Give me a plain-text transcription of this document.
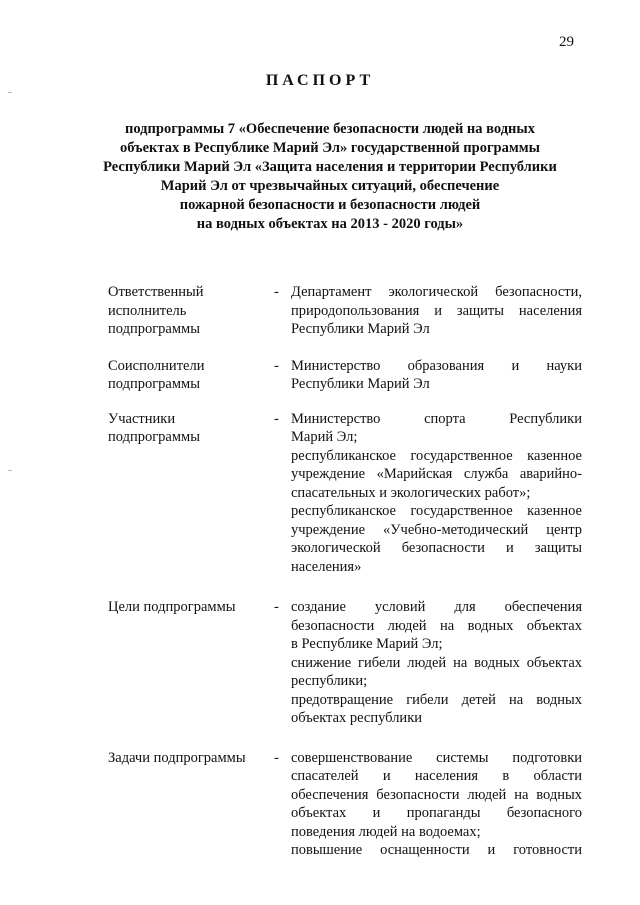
29
ПАСПОРТ
подпрограммы 7 «Обеспечение безопасности людей на водных
объектах в Республике Марий Эл» государственной программы
Республики Марий Эл «Защита населения и территории Республики
Марий Эл от чрезвычайных ситуаций, обеспечение
пожарной безопасности и безопасности людей
на водных объектах на 2013 - 2020 годы»
Ответственный
исполнитель
подпрограммы
- Департамент экологической безопасности,
природопользования и защиты населения
Республики Марий Эл
Соисполнители
подпрограммы
- Министерство образования и науки
Республики Марий Эл
Участники
подпрограммы
- Министерство спорта Республики
Марий Эл;
республиканское государственное казенное
учреждение «Марийская служба аварийно-
спасательных и экологических работ»;
республиканское государственное казенное
учреждение «Учебно-методический центр
экологической безопасности и защиты
населения»
Цели подпрограммы	- создание условий для обеспечения
безопасности людей на водных объектах
в Республике Марий Эл;
снижение гибели людей на водных объектах
республики;
предотвращение гибели детей на водных
объектах республики
Задачи подпрограммы	- совершенствование системы подготовки
спасателей и населения в области
обеспечения безопасности людей на водных
объектах и пропаганды безопасного
поведения людей на водоемах;
повышение оснащенности и готовности
